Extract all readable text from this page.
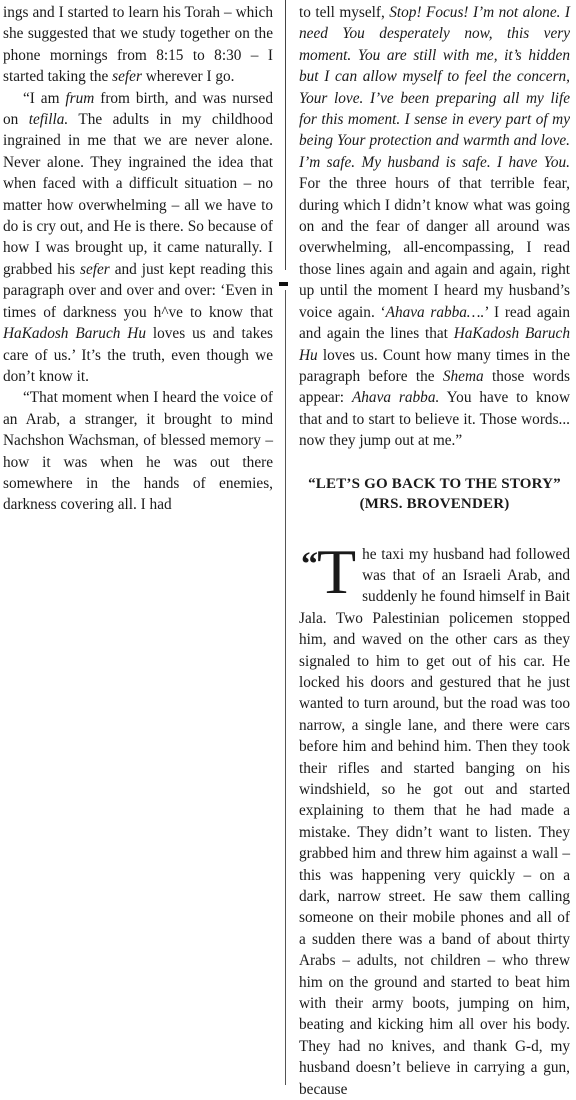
ings and I started to learn his Torah – which she suggested that we study together on the phone mornings from 8:15 to 8:30 – I started taking the sefer wherever I go.

“I am frum from birth, and was nursed on tefilla. The adults in my childhood ingrained in me that we are never alone. Never alone. They ingrained the idea that when faced with a difficult situation – no matter how overwhelming – all we have to do is cry out, and He is there. So because of how I was brought up, it came naturally. I grabbed his sefer and just kept reading this paragraph over and over and over: ‘Even in times of darkness you h^ve to know that HaKadosh Baruch Hu loves us and takes care of us.’ It’s the truth, even though we don’t know it.

“That moment when I heard the voice of an Arab, a stranger, it brought to mind Nachshon Wachsman, of blessed memory – how it was when he was out there somewhere in the hands of enemies, darkness covering all. I had

to tell myself, Stop! Focus! I’m not alone. I need You desperately now, this very moment. You are still with me, it’s hidden but I can allow myself to feel the concern, Your love. I’ve been preparing all my life for this moment. I sense in every part of my being Your protection and warmth and love. I’m safe. My husband is safe. I have You. For the three hours of that terrible fear, during which I didn’t know what was going on and the fear of danger all around was overwhelming, all-encompassing, I read those lines again and again and again, right up until the moment I heard my husband’s voice again. ‘Ahava rabba….’ I read again and again the lines that HaKadosh Baruch Hu loves us. Count how many times in the paragraph before the Shema those words appear: Ahava rabba. You have to know that and to start to believe it. Those words... now they jump out at me.”

“LET’S GO BACK TO THE STORY”
(MRS. BROVENDER)

“ T he taxi my husband had followed was that of an Israeli Arab, and suddenly he found himself in Bait Jala. Two Palestinian policemen stopped him, and waved on the other cars as they signaled to him to get out of his car. He locked his doors and gestured that he just wanted to turn around, but the road was too narrow, a single lane, and there were cars before him and behind him. Then they took their rifles and started banging on his windshield, so he got out and started explaining to them that he had made a mistake. They didn’t want to listen. They grabbed him and threw him against a wall – this was happening very quickly – on a dark, narrow street. He saw them calling someone on their mobile phones and all of a sudden there was a band of about thirty Arabs – adults, not children – who threw him on the ground and started to beat him with their army boots, jumping on him, beating and kicking him all over his body. They had no knives, and thank G-d, my husband doesn’t believe in carrying a gun, because
